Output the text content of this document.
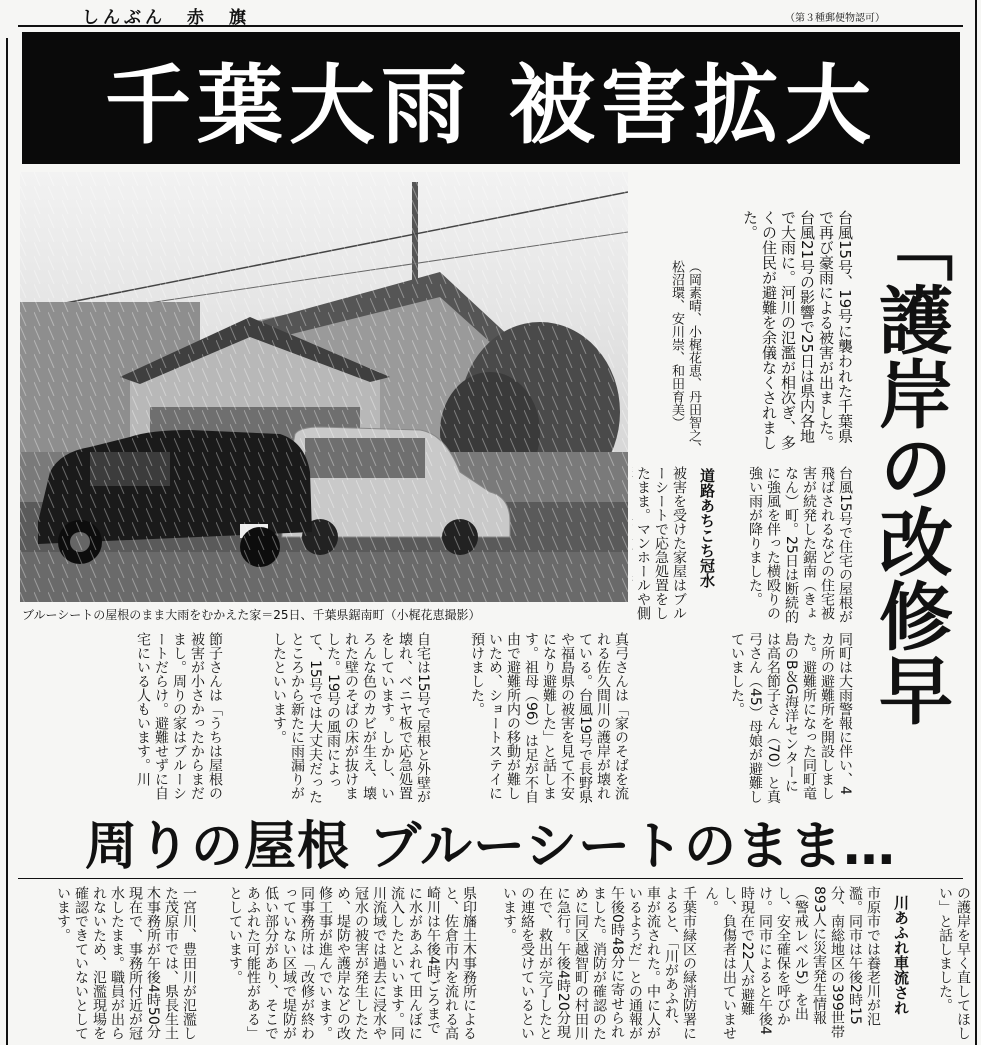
しんぶん　赤　旗	（第３種郵便物認可）
千葉大雨 被害拡大
ブルーシートの屋根のまま大雨をむかえた家＝25日、千葉県鋸南町（小梶花恵撮影）
「護岸の改修早
台風15号、19号に襲われた千葉県で再び豪雨による被害が出ました。台風21号の影響で25日は県内各地で大雨に。河川の氾濫が相次ぎ、多くの住民が避難を余儀なくされました。
（岡素晴、小梶花恵、丹田智之、松沼環、安川崇、和田育美）
台風15号で住宅の屋根が飛ばされるなどの住宅被害が続発した鋸南（きょなん）町。25日は断続的に強風を伴った横殴りの強い雨が降りました。
道路あちこち冠水
被害を受けた家屋はブルーシートで応急処置をしたまま。マンホールや側
同町は大雨警報に伴い、4カ所の避難所を開設しました。避難所になった同町竜島のB＆G海洋センターには高名節子さん（70）と真弓さん（45）母娘が避難していました。
真弓さんは「家のそばを流れる佐久間川の護岸が壊れている。台風19号で長野県や福島県の被害を見て不安になり避難した」と話します。祖母（96）は足が不自由で避難所内の移動が難しいため、ショートステイに預けました。
自宅は15号で屋根と外壁が壊れ、ベニヤ板で応急処置をしています。しかし、いろんな色のカビが生え、壊れた壁のそばの床が抜けました。19号の風雨によって、15号では大丈夫だったところから新たに雨漏りがしたといいます。
節子さんは「うちは屋根の被害が小さかったからまだまし。周りの家はブルーシートだらけ。避難せずに自宅にいる人もいます。川
周りの屋根 ブルーシートのまま…
の護岸を早く直してほしい」と話しました。
川あふれ車流され
市原市では養老川が氾濫。同市は午後2時15分、南総地区の399世帯893人に災害発生情報（警戒レベル5）を出し、安全確保を呼びかけ。同市によると午後4時現在で22人が避難し、負傷者は出ていません。
千葉市緑区の緑消防署によると、「川があふれ、車が流された。中に人がいるようだ」との通報が午後0時48分に寄せられました。消防が確認のために同区越智町の村田川に急行。午後4時20分現在で、救出が完了したとの連絡を受けているといいます。
県印旛土木事務所によると、佐倉市内を流れる高崎川は午後4時ごろまでに水があふれて田んぼに流入したといいます。同川流域では過去に浸水や冠水の被害が発生したため、堤防や護岸などの改修工事が進んでいます。同事務所は「改修が終わっていない区域で堤防が低い部分があり、そこであふれた可能性がある」としています。
一宮川、豊田川が氾濫した茂原市では、県長生土木事務所が午後4時50分現在で、事務所付近が冠水したまま。職員が出られないため、氾濫現場を確認できていないとしています。
